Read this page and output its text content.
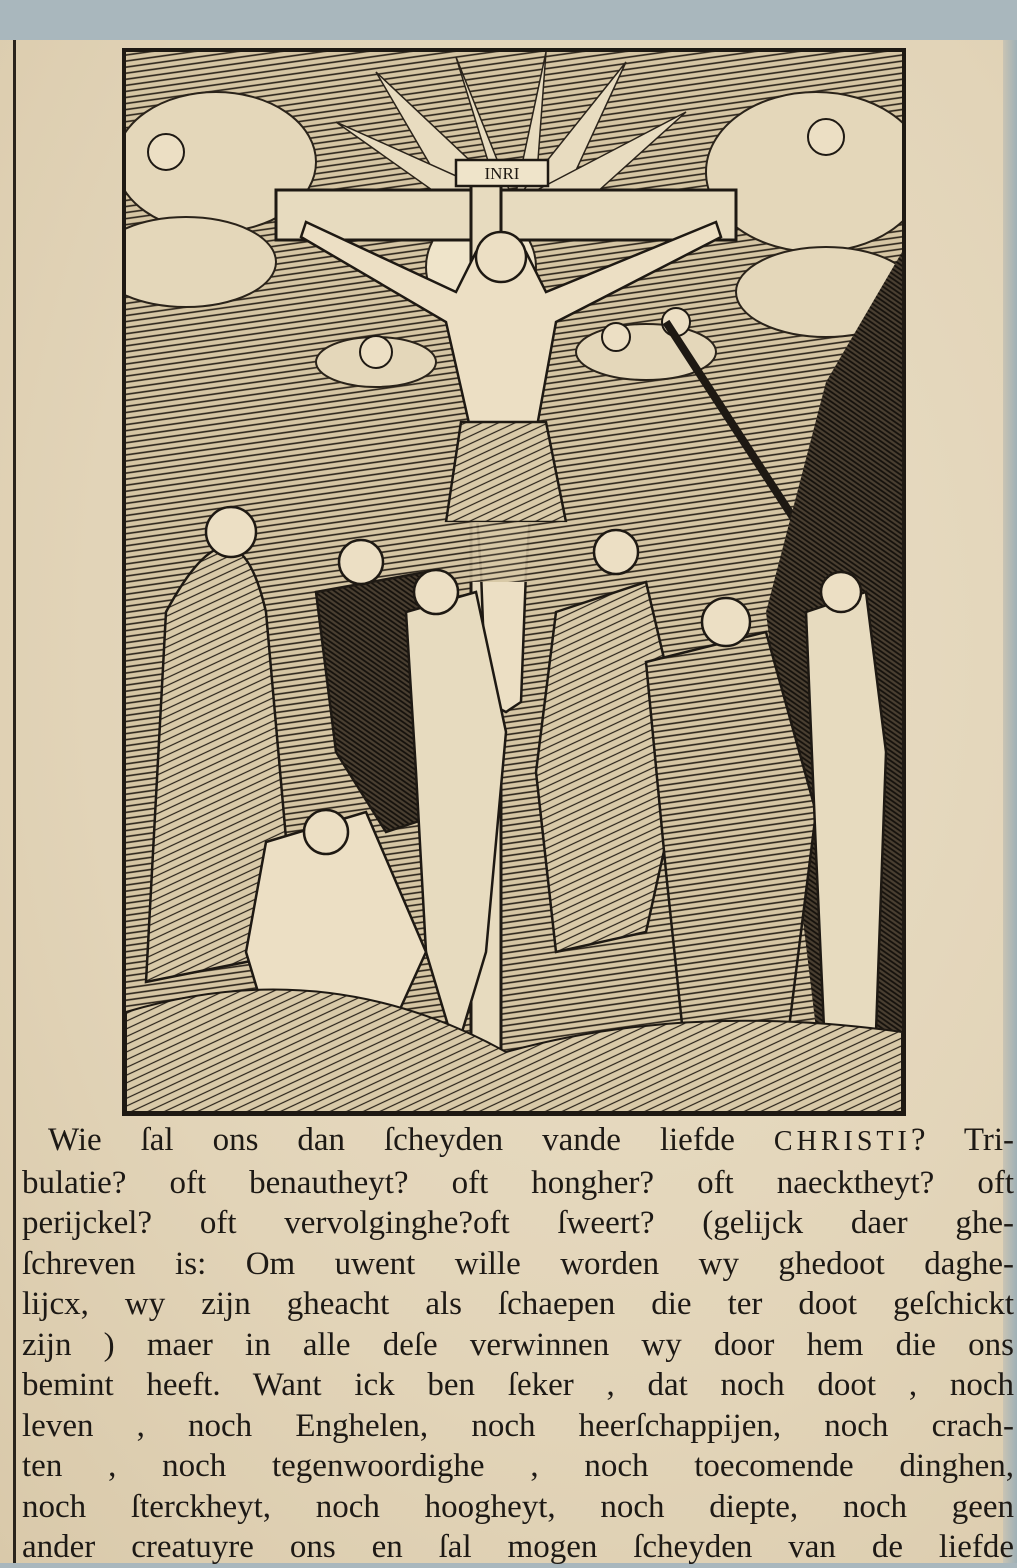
INRI
Wie ſal ons dan ſcheyden vande liefde CHRISTI? Tri-
bulatie? oft benautheyt? oft hongher? oft naecktheyt? oft
perijckel? oft vervolginghe?oft ſweert? (gelijck daer ghe-
ſchreven is: Om uwent wille worden wy ghedoot daghe-
lijcx, wy zijn gheacht als ſchaepen die ter doot geſchickt
zijn ) maer in alle deſe verwinnen wy door hem die ons
bemint heeft. Want ick ben ſeker , dat noch doot , noch
leven , noch Enghelen, noch heerſchappijen, noch crach-
ten , noch tegenwoordighe , noch toecomende dinghen,
noch ſterckheyt, noch hoogheyt, noch diepte, noch geen
ander creatuyre ons en ſal mogen ſcheyden van de liefde
